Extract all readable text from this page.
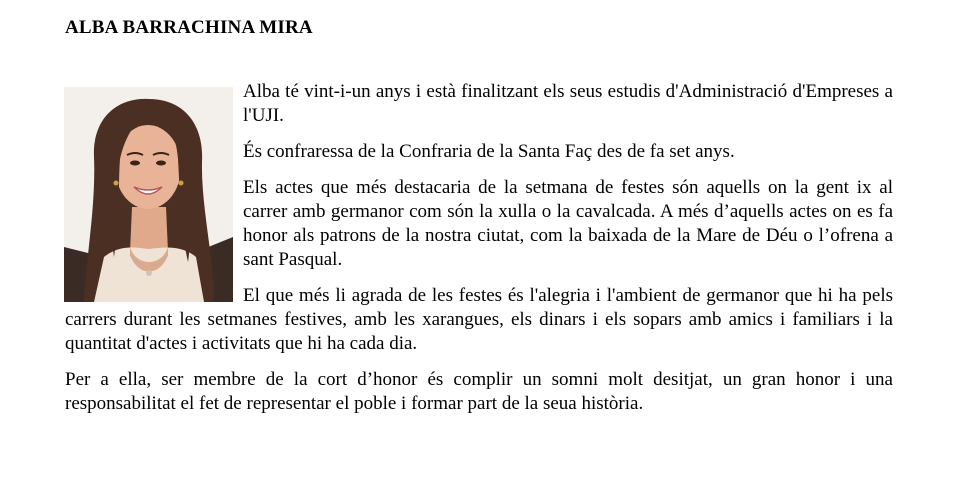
ALBA BARRACHINA MIRA

Alba té vint-i-un anys i està finalitzant els seus estudis d'Administració d'Empreses a l'UJI.

És confraressa de la Confraria de la Santa Faç des de fa set anys.

Els actes que més destacaria de la setmana de festes són aquells on la gent ix al carrer amb germanor com són la xulla o la cavalcada. A més d’aquells actes on es fa honor als patrons de la nostra ciutat, com la baixada de la Mare de Déu o l’ofrena a sant Pasqual.

El que més li agrada de les festes és l'alegria i l'ambient de germanor que hi ha pels carrers durant les setmanes festives, amb les xarangues, els dinars i els sopars amb amics i familiars i la quantitat d'actes i activitats que hi ha cada dia.

Per a ella, ser membre de la cort d’honor és complir un somni molt desitjat, un gran honor i una responsabilitat el fet de representar el poble i formar part de la seua història.
